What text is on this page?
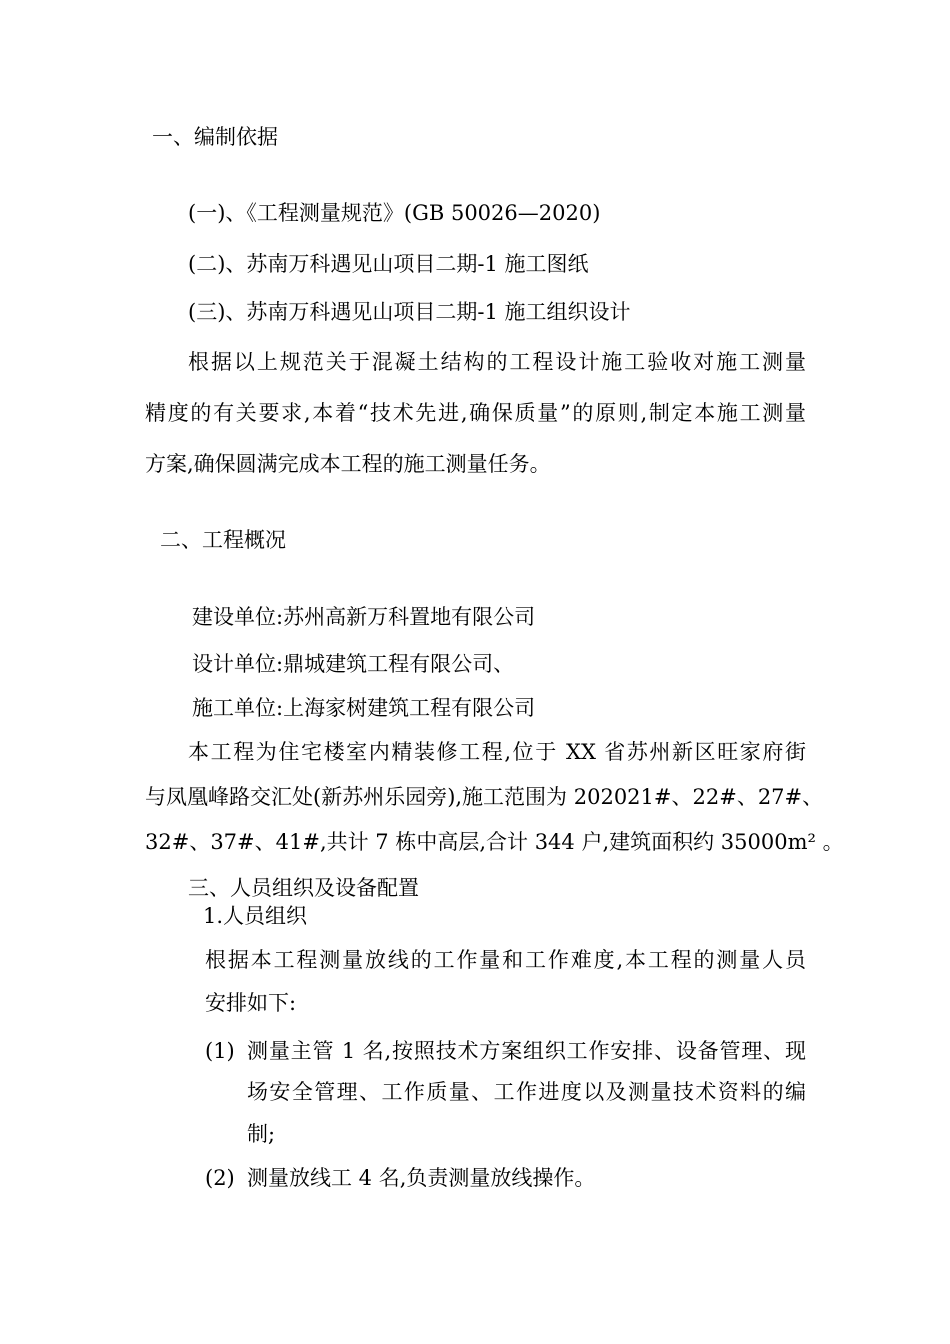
一、编制依据
(一)、《工程测量规范》(GB 50026—2020)
(二)、苏南万科遇见山项目二期-1 施工图纸
(三)、苏南万科遇见山项目二期-1 施工组织设计
根据以上规范关于混凝土结构的工程设计施工验收对施工测量
精度的有关要求,本着“技术先进,确保质量”的原则,制定本施工测量
方案,确保圆满完成本工程的施工测量任务。
二、工程概况
建设单位:苏州高新万科置地有限公司
设计单位:鼎城建筑工程有限公司、
施工单位:上海家树建筑工程有限公司
本工程为住宅楼室内精装修工程,位于 XX 省苏州新区旺家府街
与凤凰峰路交汇处(新苏州乐园旁),施工范围为 202021#、22#、27#、
32#、37#、41#,共计 7 栋中高层,合计 344 户,建筑面积约 35000m² 。
三、人员组织及设备配置
1.人员组织
根据本工程测量放线的工作量和工作难度,本工程的测量人员
安排如下:
(1) 测量主管 1 名,按照技术方案组织工作安排、设备管理、现
场安全管理、工作质量、工作进度以及测量技术资料的编
制;
(2) 测量放线工 4 名,负责测量放线操作。
